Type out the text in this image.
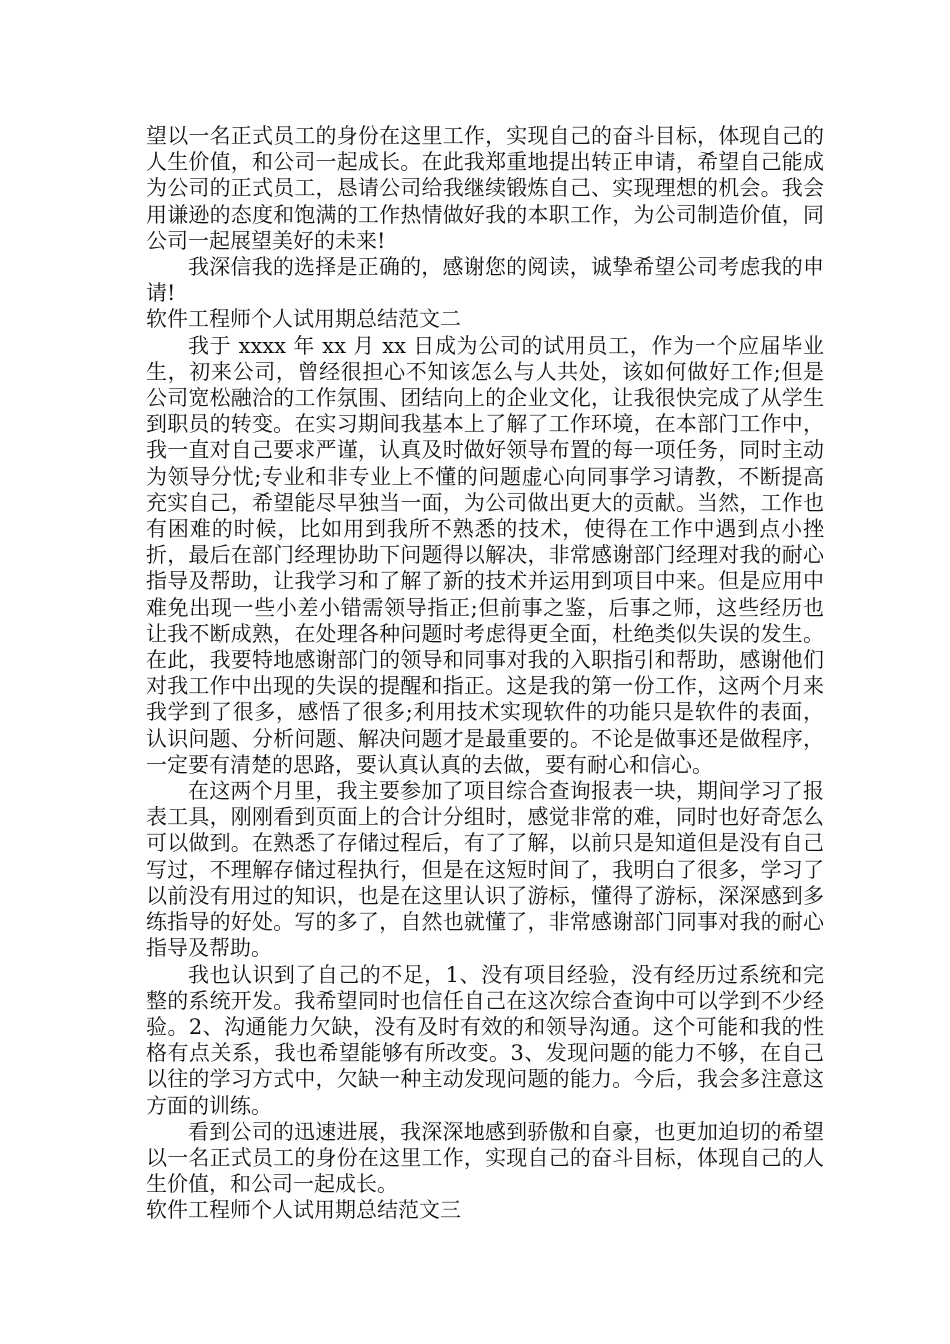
望以一名正式员工的身份在这里工作，实现自己的奋斗目标，体现自己的人生价值，和公司一起成长。在此我郑重地提出转正申请，希望自己能成为公司的正式员工，恳请公司给我继续锻炼自己、实现理想的机会。我会用谦逊的态度和饱满的工作热情做好我的本职工作，为公司制造价值，同公司一起展望美好的未来!

我深信我的选择是正确的，感谢您的阅读，诚挚希望公司考虑我的申请!

软件工程师个人试用期总结范文二

我于 xxxx 年 xx 月 xx 日成为公司的试用员工，作为一个应届毕业生，初来公司，曾经很担心不知该怎么与人共处，该如何做好工作;但是公司宽松融洽的工作氛围、团结向上的企业文化，让我很快完成了从学生到职员的转变。在实习期间我基本上了解了工作环境，在本部门工作中，我一直对自己要求严谨，认真及时做好领导布置的每一项任务，同时主动为领导分忧;专业和非专业上不懂的问题虚心向同事学习请教，不断提高充实自己，希望能尽早独当一面，为公司做出更大的贡献。当然，工作也有困难的时候，比如用到我所不熟悉的技术，使得在工作中遇到点小挫折，最后在部门经理协助下问题得以解决，非常感谢部门经理对我的耐心指导及帮助，让我学习和了解了新的技术并运用到项目中来。但是应用中难免出现一些小差小错需领导指正;但前事之鉴，后事之师，这些经历也让我不断成熟，在处理各种问题时考虑得更全面，杜绝类似失误的发生。在此，我要特地感谢部门的领导和同事对我的入职指引和帮助，感谢他们对我工作中出现的失误的提醒和指正。这是我的第一份工作，这两个月来我学到了很多，感悟了很多;利用技术实现软件的功能只是软件的表面，认识问题、分析问题、解决问题才是最重要的。不论是做事还是做程序，一定要有清楚的思路，要认真认真的去做，要有耐心和信心。

在这两个月里，我主要参加了项目综合查询报表一块，期间学习了报表工具，刚刚看到页面上的合计分组时，感觉非常的难，同时也好奇怎么可以做到。在熟悉了存储过程后，有了了解，以前只是知道但是没有自己写过，不理解存储过程执行，但是在这短时间了，我明白了很多，学习了以前没有用过的知识，也是在这里认识了游标，懂得了游标，深深感到多练指导的好处。写的多了，自然也就懂了，非常感谢部门同事对我的耐心指导及帮助。

我也认识到了自己的不足，1、没有项目经验，没有经历过系统和完整的系统开发。我希望同时也信任自己在这次综合查询中可以学到不少经验。2、沟通能力欠缺，没有及时有效的和领导沟通。这个可能和我的性格有点关系，我也希望能够有所改变。3、发现问题的能力不够，在自己以往的学习方式中，欠缺一种主动发现问题的能力。今后，我会多注意这方面的训练。

看到公司的迅速进展，我深深地感到骄傲和自豪，也更加迫切的希望以一名正式员工的身份在这里工作，实现自己的奋斗目标，体现自己的人生价值，和公司一起成长。

软件工程师个人试用期总结范文三
